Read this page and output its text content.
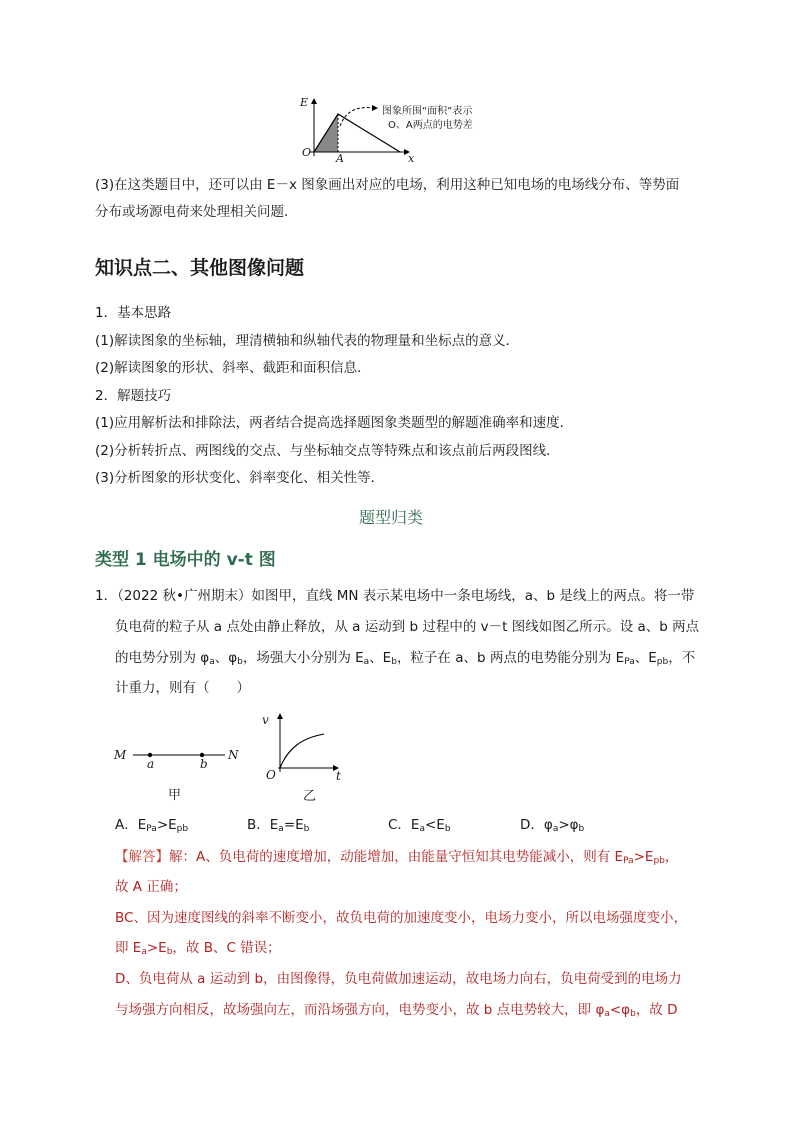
E
x
O A
图象所围“面积”表示
O、A两点的电势差
(3)在这类题目中，还可以由 E－x 图象画出对应的电场，利用这种已知电场的电场线分布、等势面
分布或场源电荷来处理相关问题．
知识点二、其他图像问题
1．基本思路
(1)解读图象的坐标轴，理清横轴和纵轴代表的物理量和坐标点的意义．
(2)解读图象的形状、斜率、截距和面积信息．
2．解题技巧
(1)应用解析法和排除法，两者结合提高选择题图象类题型的解题准确率和速度．
(2)分析转折点、两图线的交点、与坐标轴交点等特殊点和该点前后两段图线．
(3)分析图象的形状变化、斜率变化、相关性等．
题型归类
类型 1 电场中的 v-t 图
1．（2022 秋•广州期末）如图甲，直线 MN 表示某电场中一条电场线，a、b 是线上的两点。将一带
负电荷的粒子从 a 点处由静止释放，从 a 运动到 b 过程中的 v－t 图线如图乙所示。设 a、b 两点
的电势分别为 $\varphi_a$、$\varphi_b$，场强大小分别为 $E_a$、$E_b$，粒子在 a、b 两点的电势能分别为 $E_{Pa}$、$E_{pb}$，不
计重力，则有（　　）
M	N
a	b
甲
v
t
O
乙
A．$E_{Pa}>E_{pb}$	B．$E_a=E_b$	C．$E_a<E_b$	D．$\varphi_a>\varphi_b$
【解答】解：A、负电荷的速度增加，动能增加，由能量守恒知其电势能减小，则有 $E_{Pa}>E_{pb}$，
故 A 正确；
BC、因为速度图线的斜率不断变小，故负电荷的加速度变小，电场力变小，所以电场强度变小，
即 $E_a>E_b$，故 B、C 错误；
D、负电荷从 a 运动到 b，由图像得，负电荷做加速运动，故电场力向右，负电荷受到的电场力
与场强方向相反，故场强向左，而沿场强方向，电势变小，故 b 点电势较大，即 $\varphi_a<\varphi_b$，故 D
